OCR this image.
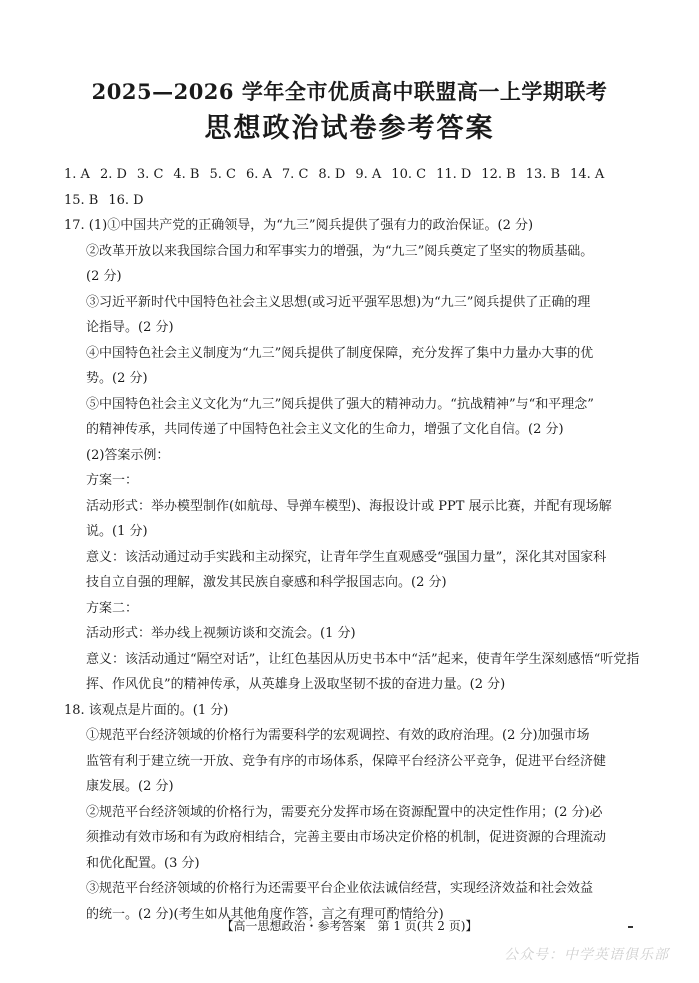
2025—2026 学年全市优质高中联盟高一上学期联考
思想政治试卷参考答案
1. A 2. D 3. C 4. B 5. C 6. A 7. C 8. D 9. A 10. C 11. D 12. B 13. B 14. A
15. B 16. D
17. (1)①中国共产党的正确领导，为“九三”阅兵提供了强有力的政治保证。(2 分)
②改革开放以来我国综合国力和军事实力的增强，为“九三”阅兵奠定了坚实的物质基础。
(2 分)
③习近平新时代中国特色社会主义思想(或习近平强军思想)为“九三”阅兵提供了正确的理
论指导。(2 分)
④中国特色社会主义制度为“九三”阅兵提供了制度保障，充分发挥了集中力量办大事的优
势。(2 分)
⑤中国特色社会主义文化为“九三”阅兵提供了强大的精神动力。“抗战精神”与“和平理念”
的精神传承，共同传递了中国特色社会主义文化的生命力，增强了文化自信。(2 分)
(2)答案示例：
方案一：
活动形式：举办模型制作(如航母、导弹车模型)、海报设计或 PPT 展示比赛，并配有现场解
说。(1 分)
意义：该活动通过动手实践和主动探究，让青年学生直观感受“强国力量”，深化其对国家科
技自立自强的理解，激发其民族自豪感和科学报国志向。(2 分)
方案二：
活动形式：举办线上视频访谈和交流会。(1 分)
意义：该活动通过“隔空对话”，让红色基因从历史书本中“活”起来，使青年学生深刻感悟“听党指
挥、作风优良”的精神传承，从英雄身上汲取坚韧不拔的奋进力量。(2 分)
18. 该观点是片面的。(1 分)
①规范平台经济领域的价格行为需要科学的宏观调控、有效的政府治理。(2 分)加强市场
监管有利于建立统一开放、竞争有序的市场体系，保障平台经济公平竞争，促进平台经济健
康发展。(2 分)
②规范平台经济领域的价格行为，需要充分发挥市场在资源配置中的决定性作用；(2 分)必
须推动有效市场和有为政府相结合，完善主要由市场决定价格的机制，促进资源的合理流动
和优化配置。(3 分)
③规范平台经济领域的价格行为还需要平台企业依法诚信经营，实现经济效益和社会效益
的统一。(2 分)(考生如从其他角度作答，言之有理可酌情给分)
【高一思想政治・参考答案　第 1 页(共 2 页)】
公众号：中学英语俱乐部
